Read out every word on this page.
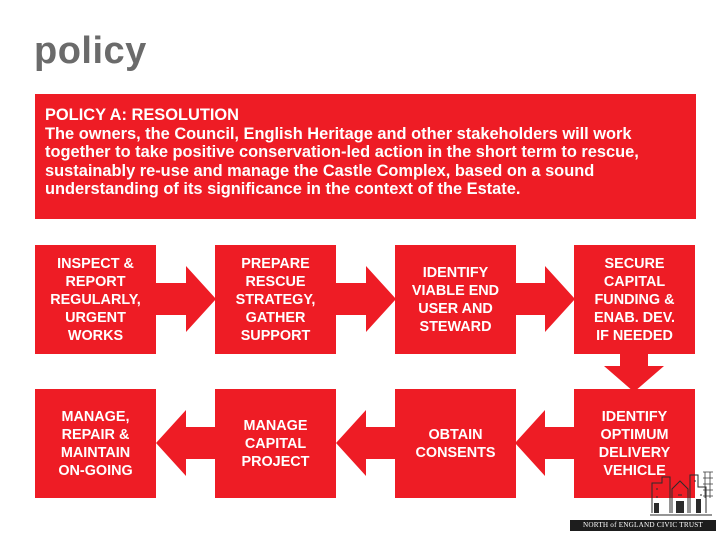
policy
POLICY A: RESOLUTION
The owners, the Council, English Heritage and other stakeholders will work together to take positive conservation-led action in the short term to rescue, sustainably re-use and manage the Castle Complex, based on a sound understanding of its significance in the context of the Estate.
INSPECT &
REPORT
REGULARLY,
URGENT
WORKS
PREPARE
RESCUE
STRATEGY,
GATHER
SUPPORT
IDENTIFY
VIABLE END
USER AND
STEWARD
SECURE
CAPITAL
FUNDING &
ENAB. DEV.
IF NEEDED
IDENTIFY
OPTIMUM
DELIVERY
VEHICLE
OBTAIN
CONSENTS
MANAGE
CAPITAL
PROJECT
MANAGE,
REPAIR &
MAINTAIN
ON-GOING
NORTH of ENGLAND CIVIC TRUST
